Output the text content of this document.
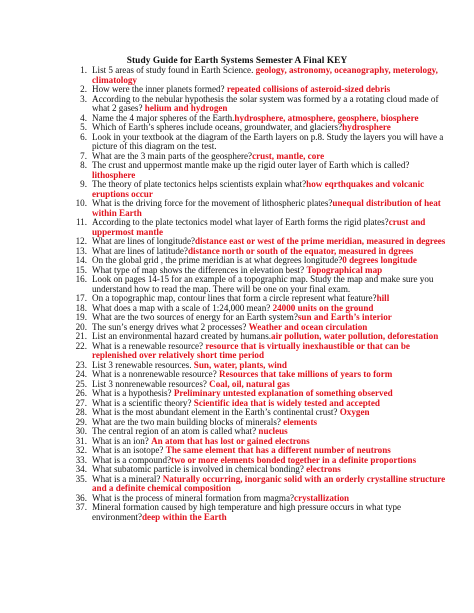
Study Guide for Earth Systems Semester A Final KEY
1. List 5 areas of study found in Earth Science. geology, astronomy, oceanography, meterology, climatology
2. How were the inner planets formed? repeated collisions of asteroid-sized debris
3. According to the nebular hypothesis the solar system was formed by a a rotating cloud made of what 2 gases? helium and hydrogen
4. Name the 4 major spheres of the Earth.hydrosphere, atmosphere, geosphere, biosphere
5. Which of Earth’s spheres include oceans, groundwater, and glaciers?hydrosphere
6. Look in your textbook at the diagram of the Earth layers on p.8. Study the layers you will have a picture of this diagram on the test.
7. What are the 3 main parts of the geosphere?crust, mantle, core
8. The crust and uppermost mantle make up the rigid outer layer of Earth which is called?lithosphere
9. The theory of plate tectonics helps scientists explain what?how eqrthquakes and volcanic eruptions occur
10. What is the driving force for the movement of lithospheric plates?unequal distribution of heat within Earth
11. According to the plate tectonics model what layer of Earth forms the rigid plates?crust and uppermost mantle
12. What are lines of longitude?distance east or west of the prime meridian, measured in degrees
13. What are lines of latitude?distance north or south of the equator, measured in dgrees
14. On the global grid , the prime meridian is at what degrees longitude?0 degrees longitude
15. What type of map shows the differences in elevation best? Topographical map
16. Look on pages 14-15 for an example of a topographic map. Study the map and make sure you understand how to read the map. There will be one on your final exam.
17. On a topographic map, contour lines that form a circle represent what feature?hill
18. What does a map with a scale of 1:24,000 mean? 24000 units on the ground
19. What are the two sources of energy for an Earth system?sun and Earth’s interior
20. The sun’s energy drives what 2 processes? Weather and ocean circulation
21. List an environmental hazard created by humans.air pollution, water pollution, deforestation
22. What is a renewable resource? resource that is virtually inexhaustible or that can be replenished over relatively short time period
23. List 3 renewable resources. Sun, water, plants, wind
24. What is a nonrenewable resource? Resources that take millions of years to form
25. List 3 nonrenewable resources? Coal, oil, natural gas
26. What is a hypothesis? Preliminary untested explanation of something observed
27. What is a scientific theory? Scientific idea that is widely tested and accepted
28. What is the most abundant element in the Earth’s continental crust? Oxygen
29. What are the two main building blocks of minerals? elements
30. The central region of an atom is called what? nucleus
31. What is an ion? An atom that has lost or gained electrons
32. What is an isotope? The same element that has a different number of neutrons
33. What is a compound?two or more elements bonded together in a definite proportions
34. What subatomic particle is involved in chemical bonding? electrons
35. What is a mineral? Naturally occurring, inorganic solid with an orderly crystalline structure and a definite chemical composition
36. What is the process of mineral formation from magma?crystallization
37. Mineral formation caused by high temperature and high pressure occurs in what type environment?deep within the Earth
